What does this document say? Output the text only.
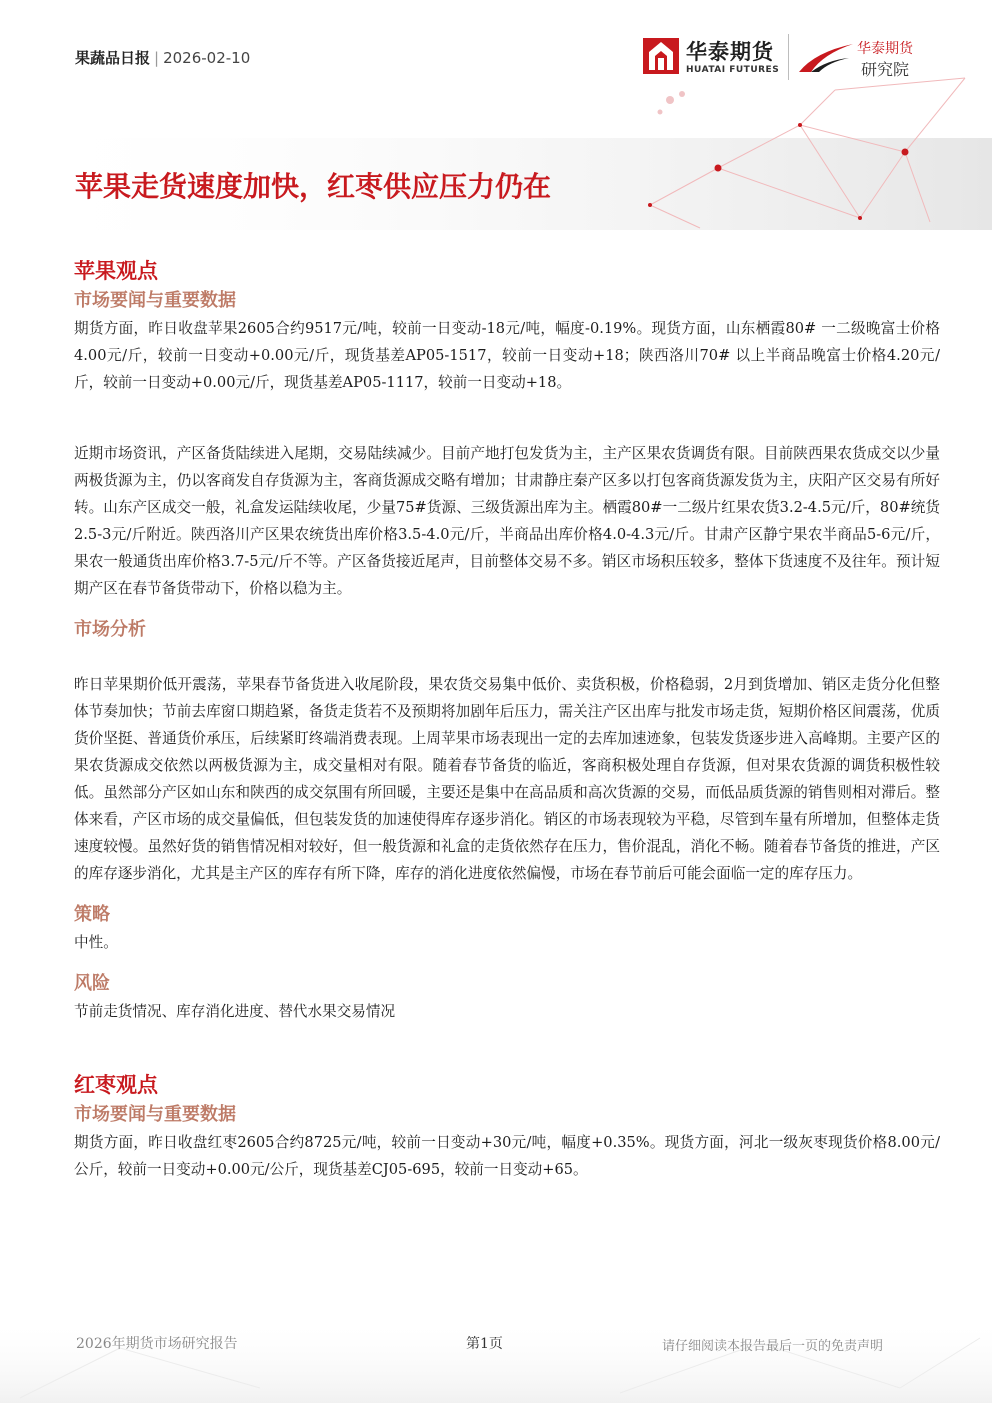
果蔬品日报 | 2026-02-10	华泰期货
HUATAI FUTURES
华泰期货
研究院
苹果走货速度加快，红枣供应压力仍在
苹果观点
市场要闻与重要数据
期货方面，昨日收盘苹果2605合约9517元/吨，较前一日变动-18元/吨，幅度-0.19%。现货方面，山东栖霞80# 一二级晚富士价格4.00元/斤，较前一日变动+0.00元/斤，现货基差AP05-1517，较前一日变动+18；陕西洛川70# 以上半商品晚富士价格4.20元/斤，较前一日变动+0.00元/斤，现货基差AP05-1117，较前一日变动+18。
近期市场资讯，产区备货陆续进入尾期，交易陆续减少。目前产地打包发货为主，主产区果农货调货有限。目前陕西果农货成交以少量两极货源为主，仍以客商发自存货源为主，客商货源成交略有增加；甘肃静庄秦产区多以打包客商货源发货为主，庆阳产区交易有所好转。山东产区成交一般，礼盒发运陆续收尾，少量75#货源、三级货源出库为主。栖霞80#一二级片红果农货3.2-4.5元/斤，80#统货2.5-3元/斤附近。陕西洛川产区果农统货出库价格3.5-4.0元/斤，半商品出库价格4.0-4.3元/斤。甘肃产区静宁果农半商品5-6元/斤，果农一般通货出库价格3.7-5元/斤不等。产区备货接近尾声，目前整体交易不多。销区市场积压较多，整体下货速度不及往年。预计短期产区在春节备货带动下，价格以稳为主。
市场分析
昨日苹果期价低开震荡，苹果春节备货进入收尾阶段，果农货交易集中低价、卖货积极，价格稳弱，2月到货增加、销区走货分化但整体节奏加快；节前去库窗口期趋紧，备货走货若不及预期将加剧年后压力，需关注产区出库与批发市场走货，短期价格区间震荡，优质货价坚挺、普通货价承压，后续紧盯终端消费表现。上周苹果市场表现出一定的去库加速迹象，包装发货逐步进入高峰期。主要产区的果农货源成交依然以两极货源为主，成交量相对有限。随着春节备货的临近，客商积极处理自存货源，但对果农货源的调货积极性较低。虽然部分产区如山东和陕西的成交氛围有所回暖，主要还是集中在高品质和高次货源的交易，而低品质货源的销售则相对滞后。整体来看，产区市场的成交量偏低，但包装发货的加速使得库存逐步消化。销区的市场表现较为平稳，尽管到车量有所增加，但整体走货速度较慢。虽然好货的销售情况相对较好，但一般货源和礼盒的走货依然存在压力，售价混乱，消化不畅。随着春节备货的推进，产区的库存逐步消化，尤其是主产区的库存有所下降，库存的消化进度依然偏慢，市场在春节前后可能会面临一定的库存压力。
策略
中性。
风险
节前走货情况、库存消化进度、替代水果交易情况
红枣观点
市场要闻与重要数据
期货方面，昨日收盘红枣2605合约8725元/吨，较前一日变动+30元/吨，幅度+0.35%。现货方面，河北一级灰枣现货价格8.00元/公斤，较前一日变动+0.00元/公斤，现货基差CJ05-695，较前一日变动+65。
2026年期货市场研究报告	第1页	请仔细阅读本报告最后一页的免责声明
